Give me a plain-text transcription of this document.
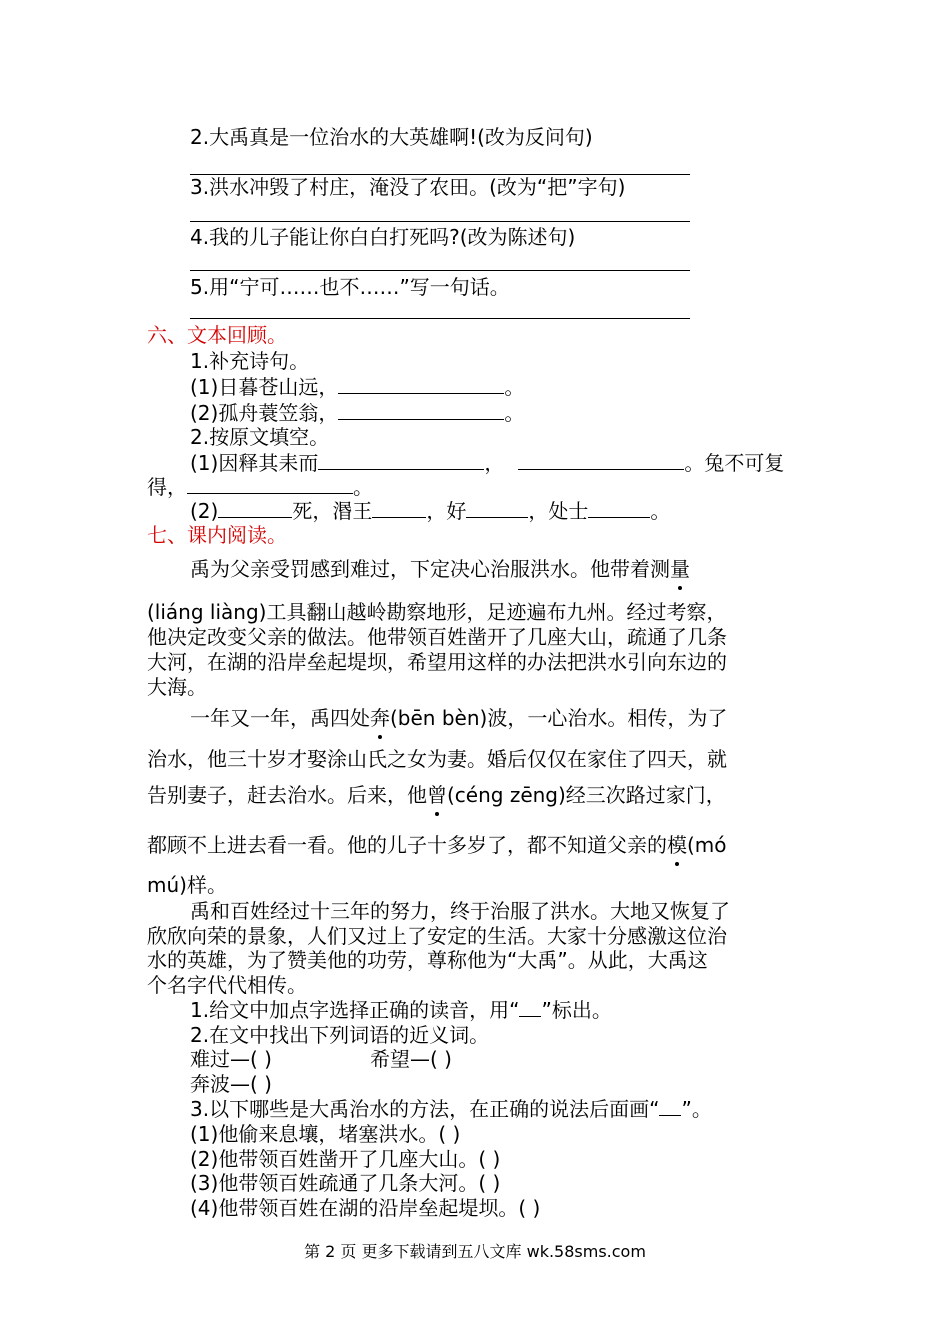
2.大禹真是一位治水的大英雄啊!(改为反问句)
3.洪水冲毁了村庄，淹没了农田。(改为“把”字句)
4.我的儿子能让你白白打死吗?(改为陈述句)
5.用“宁可……也不……”写一句话。
六、文本回顾。
1.补充诗句。
(1)日暮苍山远，	。
(2)孤舟蓑笠翁，	。
2.按原文填空。
(1)因释其耒而	，	。兔不可复
得，	。
(2)	死，湣王	，好	，处士	。
七、课内阅读。
禹为父亲受罚感到难过，下定决心治服洪水。他带着测量
(liáng liàng)工具翻山越岭勘察地形，足迹遍布九州。经过考察，
他决定改变父亲的做法。他带领百姓凿开了几座大山，疏通了几条
大河，在湖的沿岸垒起堤坝，希望用这样的办法把洪水引向东边的
大海。
一年又一年，禹四处奔(bēn bèn)波，一心治水。相传，为了
治水，他三十岁才娶涂山氏之女为妻。婚后仅仅在家住了四天，就
告别妻子，赶去治水。后来，他曾(céng zēng)经三次路过家门，
都顾不上进去看一看。他的儿子十多岁了，都不知道父亲的模(mó
mú)样。
禹和百姓经过十三年的努力，终于治服了洪水。大地又恢复了
欣欣向荣的景象，人们又过上了安定的生活。大家十分感激这位治
水的英雄，为了赞美他的功劳，尊称他为“大禹”。从此，大禹这
个名字代代相传。
1.给文中加点字选择正确的读音，用“ ”标出。
2.在文中找出下列词语的近义词。
难过—( )	希望—( )
奔波—( )
3.以下哪些是大禹治水的方法，在正确的说法后面画“ ”。
(1)他偷来息壤，堵塞洪水。( )
(2)他带领百姓凿开了几座大山。( )
(3)他带领百姓疏通了几条大河。( )
(4)他带领百姓在湖的沿岸垒起堤坝。( )
第 2 页 更多下载请到五八文库 wk.58sms.com
